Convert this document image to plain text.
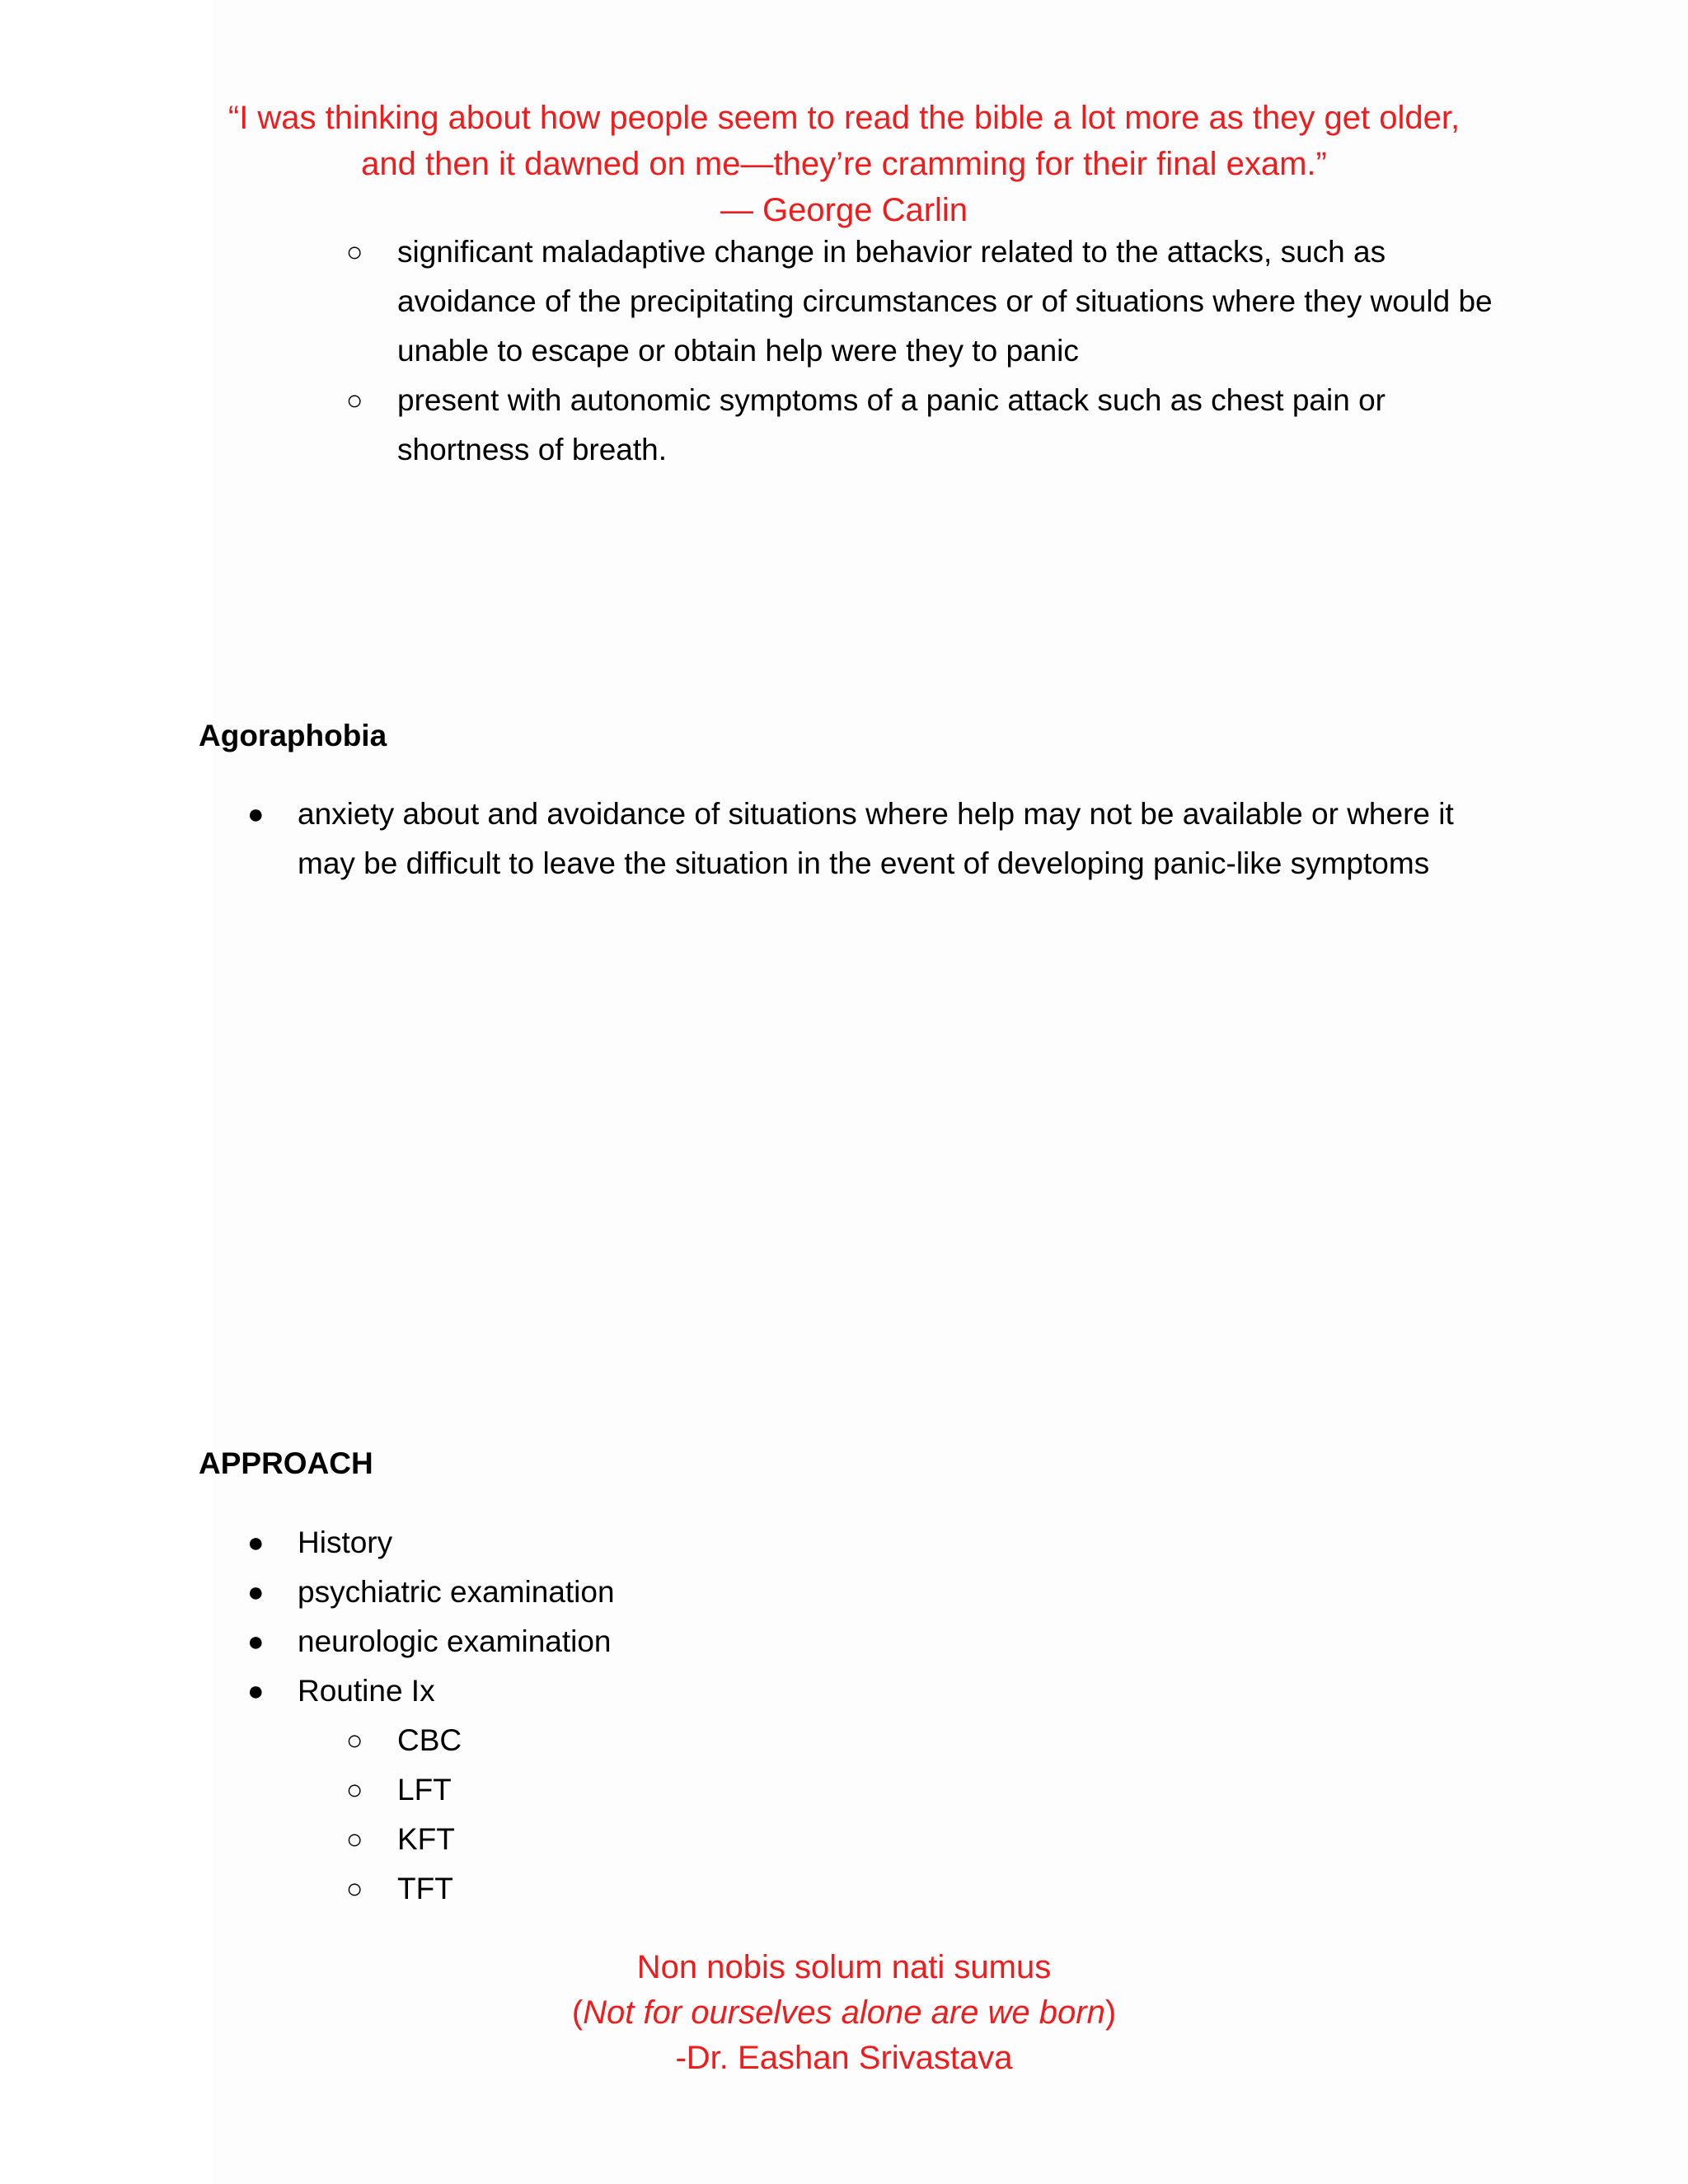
“I was thinking about how people seem to read the bible a lot more as they get older,
and then it dawned on me—they’re cramming for their final exam.”
— George Carlin
○ significant maladaptive change in behavior related to the attacks, such as avoidance of the precipitating circumstances or of situations where they would be unable to escape or obtain help were they to panic
○ present with autonomic symptoms of a panic attack such as chest pain or shortness of breath.
Agoraphobia
● anxiety about and avoidance of situations where help may not be available or where it may be difficult to leave the situation in the event of developing panic-like symptoms
APPROACH
● History
● psychiatric examination
● neurologic examination
● Routine Ix
○ CBC
○ LFT
○ KFT
○ TFT
Non nobis solum nati sumus
(Not for ourselves alone are we born)
-Dr. Eashan Srivastava
